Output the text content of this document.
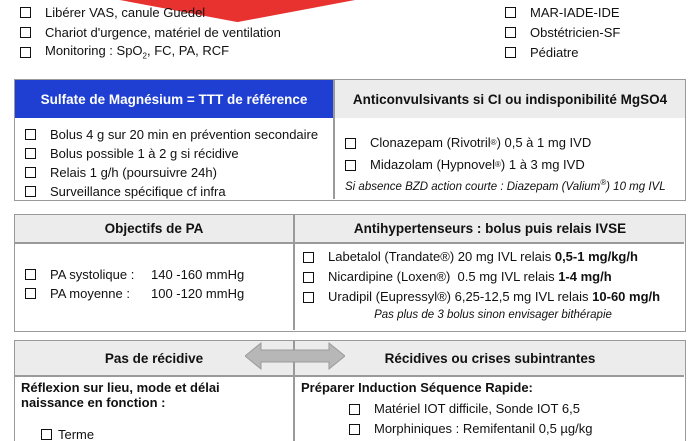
Libérer VAS, canule Guedel
Chariot d'urgence, matériel de ventilation
Monitoring : SpO$_2$, FC, PA, RCF
MAR-IADE-IDE
Obstétricien-SF
Pédiatre
Sulfate de Magnésium = TTT de référence	Anticonvulsivants si CI ou indisponibilité MgSO4
Bolus 4 g sur 20 min en prévention secondaire
Bolus possible 1 à 2 g si récidive
Relais 1 g/h (poursuivre 24h)
Surveillance spécifique cf infra
Clonazepam (Rivotril ® ) 0,5 à 1 mg IVD
Midazolam (Hypnovel ® ) 1 à 3 mg IVD
Si absence BZD action courte : Diazepam (Valium®) 10 mg IVL
Objectifs de PA	Antihypertenseurs : bolus puis relais IVSE
PA systolique :	140 -160 mmHg
PA moyenne :	100 -120 mmHg
Labetalol (Trandate®) 20 mg IVL relais 0,5-1 mg/kg/h
Nicardipine (Loxen®)  0.5 mg IVL relais 1-4 mg/h
Uradipil (Eupressyl®) 6,25-12,5 mg IVL relais 10-60 mg/h
Pas plus de 3 bolus sinon envisager bithérapie
Pas de récidive	Récidives ou crises subintrantes
Réflexion sur lieu, mode et délai naissance en fonction :
Terme
Préparer Induction Séquence Rapide:
Matériel IOT difficile, Sonde IOT 6,5
Morphiniques : Remifentanil 0,5 µg/kg
